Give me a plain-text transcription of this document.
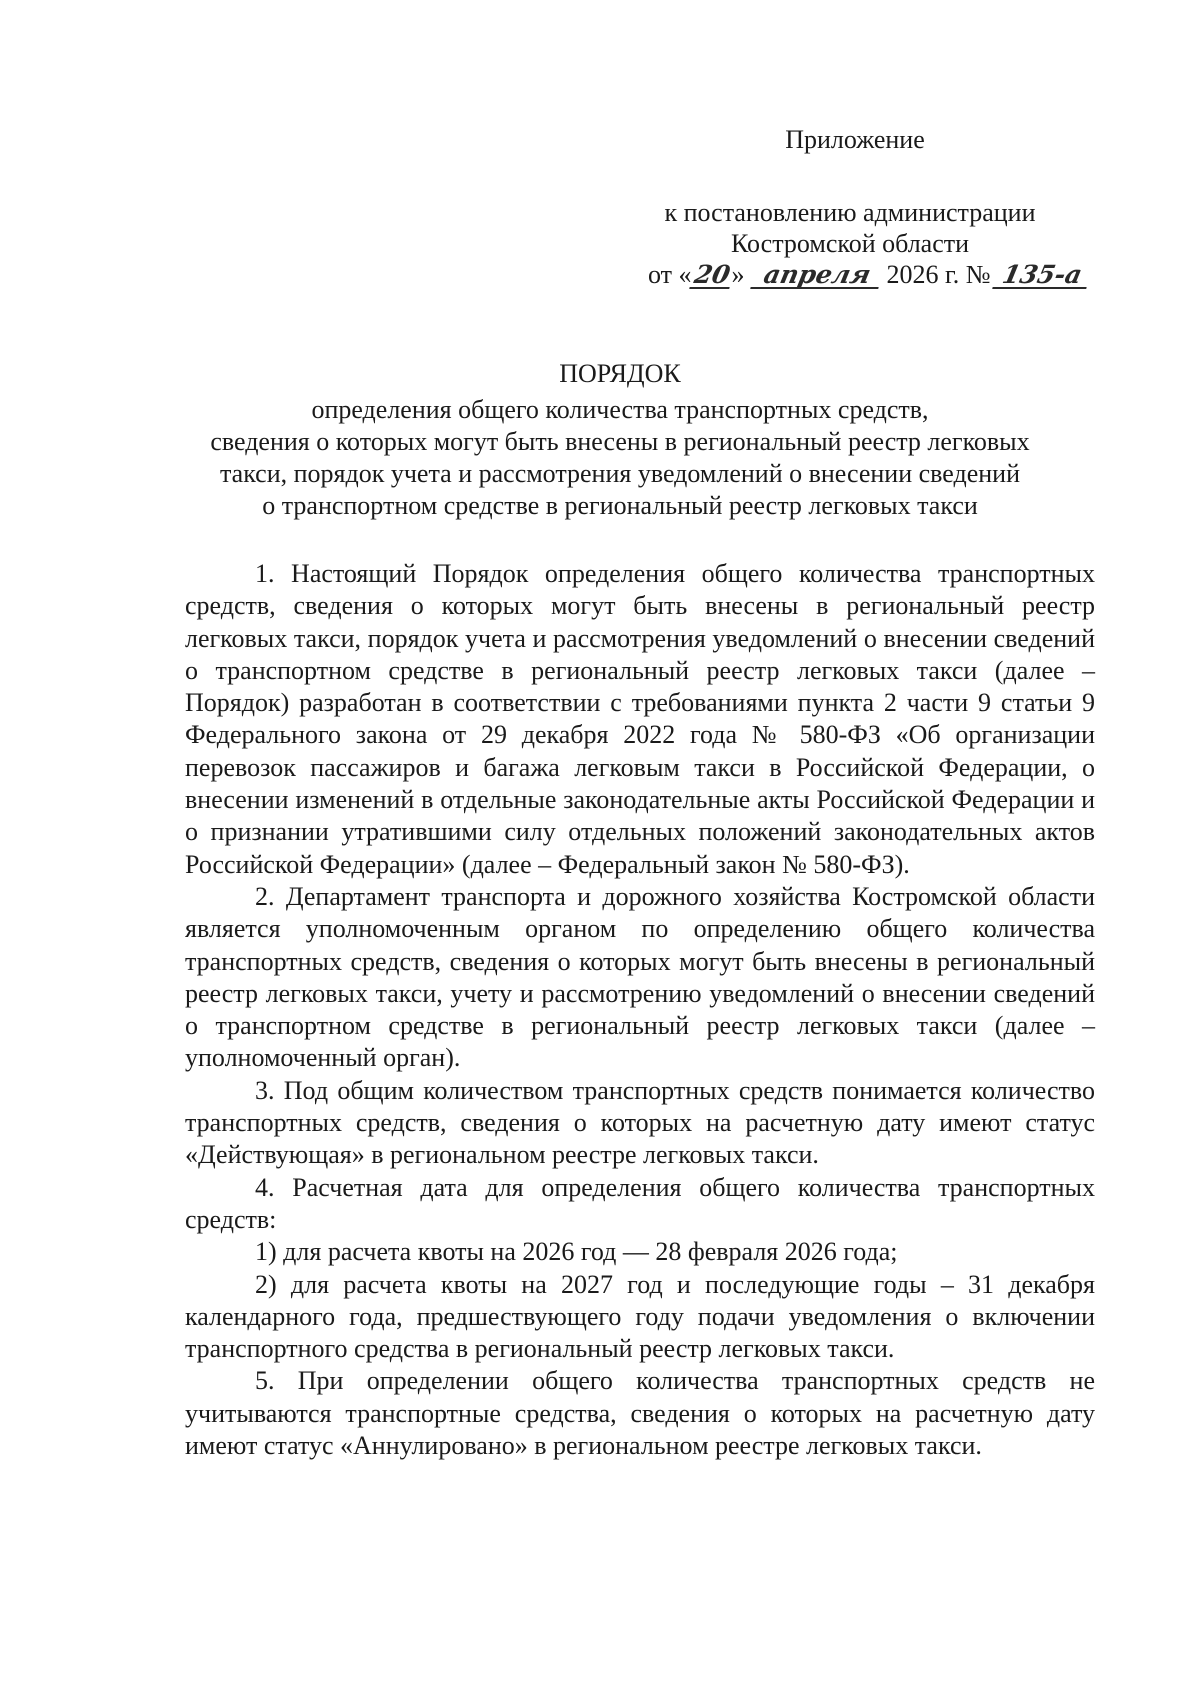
Приложение
к постановлению администрации
Костромской области
от «20» апреля 2026 г. № 135-а
ПОРЯДОК
определения общего количества транспортных средств,
сведения о которых могут быть внесены в региональный реестр легковых
такси, порядок учета и рассмотрения уведомлений о внесении сведений
о транспортном средстве в региональный реестр легковых такси

1. Настоящий Порядок определения общего количества транспортных средств, сведения о которых могут быть внесены в региональный реестр легковых такси, порядок учета и рассмотрения уведомлений о внесении сведений о транспортном средстве в региональный реестр легковых такси (далее – Порядок) разработан в соответствии с требованиями пункта 2 части 9 статьи 9 Федерального закона от 29 декабря 2022 года № 580-ФЗ «Об организации перевозок пассажиров и багажа легковым такси в Российской Федерации, о внесении изменений в отдельные законодательные акты Российской Федерации и о признании утратившими силу отдельных положений законодательных актов Российской Федерации» (далее – Федеральный закон № 580-ФЗ).

2. Департамент транспорта и дорожного хозяйства Костромской области является уполномоченным органом по определению общего количества транспортных средств, сведения о которых могут быть внесены в региональный реестр легковых такси, учету и рассмотрению уведомлений о внесении сведений о транспортном средстве в региональный реестр легковых такси (далее – уполномоченный орган).

3. Под общим количеством транспортных средств понимается количество транспортных средств, сведения о которых на расчетную дату имеют статус «Действующая» в региональном реестре легковых такси.

4. Расчетная дата для определения общего количества транспортных средств:

1) для расчета квоты на 2026 год — 28 февраля 2026 года;

2) для расчета квоты на 2027 год и последующие годы – 31 декабря календарного года, предшествующего году подачи уведомления о включении транспортного средства в региональный реестр легковых такси.

5. При определении общего количества транспортных средств не учитываются транспортные средства, сведения о которых на расчетную дату имеют статус «Аннулировано» в региональном реестре легковых такси.
